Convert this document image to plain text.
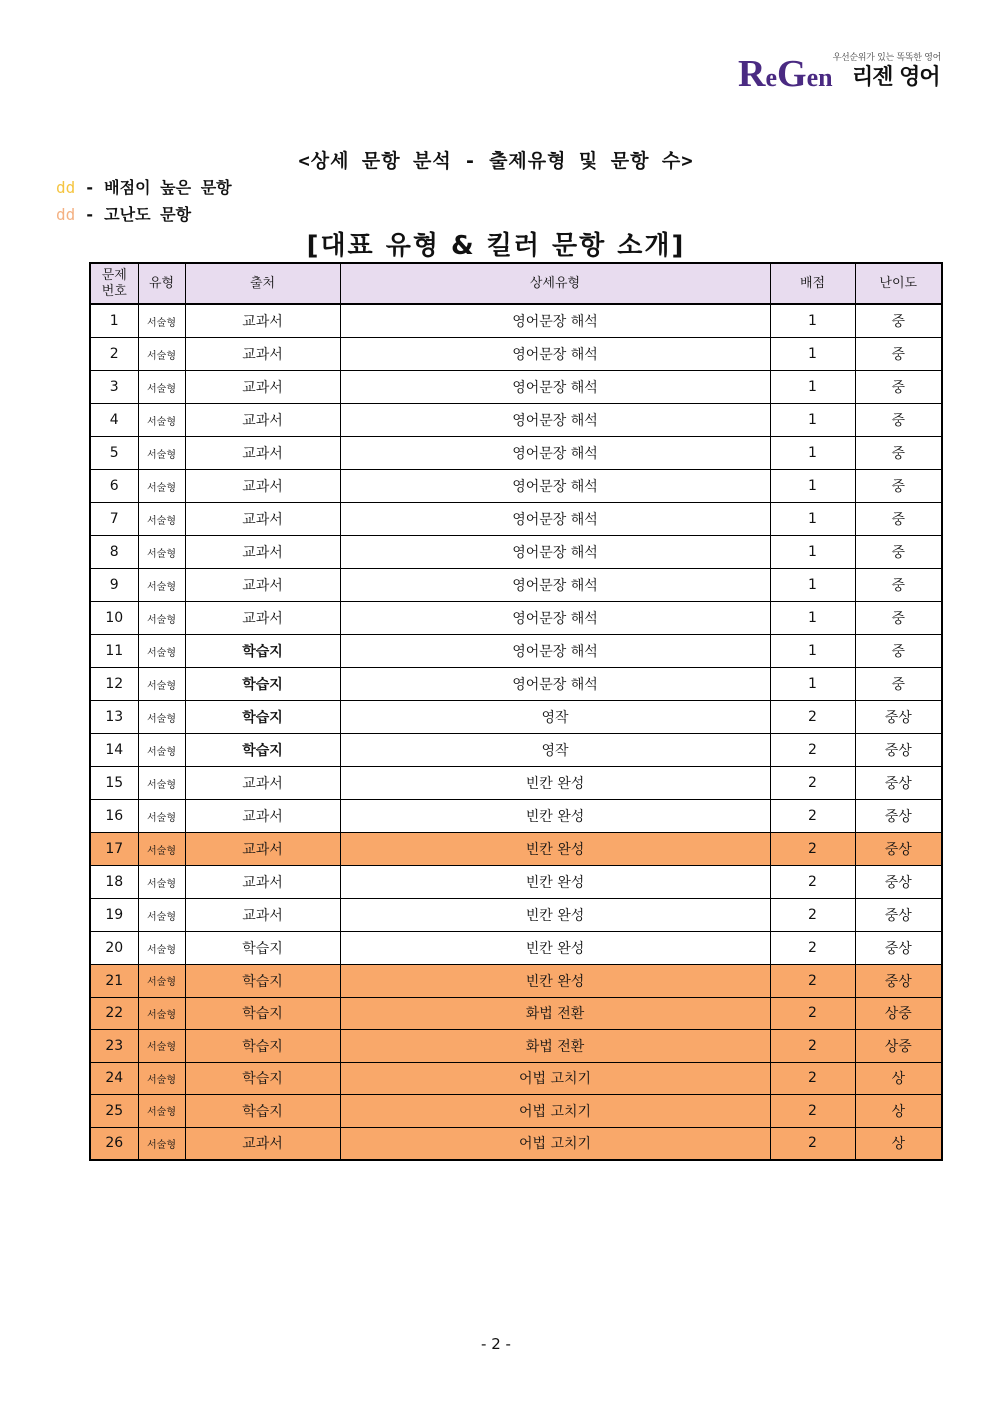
우선순위가 있는 똑똑한 영어
ReGen 리젠 영어
<상세 문항 분석 - 출제유형 및 문항 수>
dd - 배점이 높은 문항
dd - 고난도 문항
[대표 유형 & 킬러 문항 소개]
문제
번호	유형	출처	상세유형	배점	난이도
1	서술형	교과서	영어문장 해석	1	중
2	서술형	교과서	영어문장 해석	1	중
3	서술형	교과서	영어문장 해석	1	중
4	서술형	교과서	영어문장 해석	1	중
5	서술형	교과서	영어문장 해석	1	중
6	서술형	교과서	영어문장 해석	1	중
7	서술형	교과서	영어문장 해석	1	중
8	서술형	교과서	영어문장 해석	1	중
9	서술형	교과서	영어문장 해석	1	중
10	서술형	교과서	영어문장 해석	1	중
11	서술형	학습지	영어문장 해석	1	중
12	서술형	학습지	영어문장 해석	1	중
13	서술형	학습지	영작	2	중상
14	서술형	학습지	영작	2	중상
15	서술형	교과서	빈칸 완성	2	중상
16	서술형	교과서	빈칸 완성	2	중상
17	서술형	교과서	빈칸 완성	2	중상
18	서술형	교과서	빈칸 완성	2	중상
19	서술형	교과서	빈칸 완성	2	중상
20	서술형	학습지	빈칸 완성	2	중상
21	서술형	학습지	빈칸 완성	2	중상
22	서술형	학습지	화법 전환	2	상중
23	서술형	학습지	화법 전환	2	상중
24	서술형	학습지	어법 고치기	2	상
25	서술형	학습지	어법 고치기	2	상
26	서술형	교과서	어법 고치기	2	상
- 2 -
